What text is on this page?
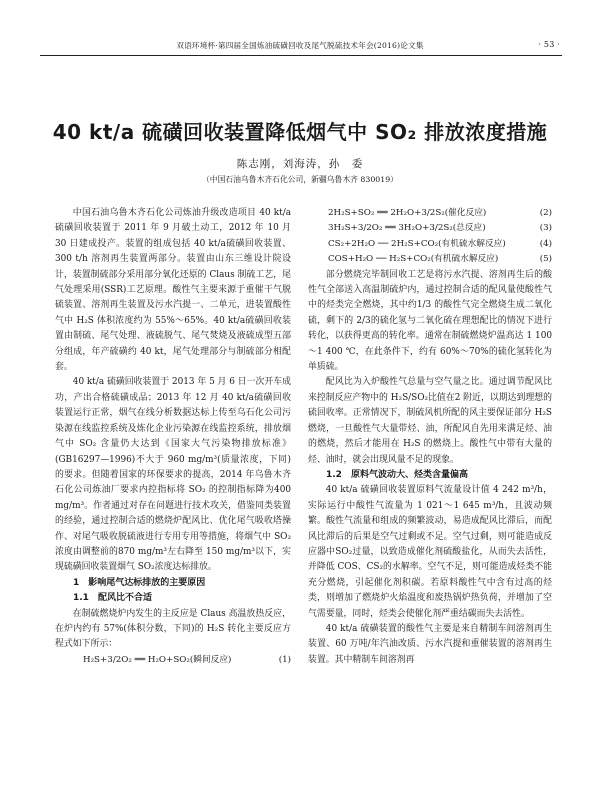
双语环境杯·第四届全国炼油硫磺回收及尾气脱硫技术年会(2016)论文集	· 53 ·
40 kt/a 硫磺回收装置降低烟气中 SO₂ 排放浓度措施
陈志刚，刘海涛，孙　委
（中国石油乌鲁木齐石化公司，新疆乌鲁木齐 830019）

中国石油乌鲁木齐石化公司炼油升级改造项目 40 kt/a 硫磺回收装置于 2011 年 9 月破土动工，2012 年 10 月 30 日建成投产。装置的组成包括 40 kt/a硫磺回收装置、300 t/h 溶剂再生装置两部分。装置由山东三维设计院设计，装置制硫部分采用部分氧化还原的 Claus 制硫工艺，尾气处理采用(SSR)工艺原理。酸性气主要来源于重催干气脱硫装置、溶剂再生装置及污水汽提一、二单元，进装置酸性气中 H₂S 体积浓度约为 55%～65%。40 kt/a硫磺回收装置由制硫、尾气处理、液硫脱气、尾气焚烧及液硫成型五部分组成，年产硫磺约 40 kt，尾气处理部分与制硫部分相配套。

40 kt/a 硫磺回收装置于 2013 年 5 月 6 日一次开车成功，产出合格硫磺成品；2013 年 12 月 40 kt/a硫磺回收装置运行正常，烟气在线分析数据达标上传至乌石化公司污染源在线监控系统及炼化企业污染源在线监控系统，排放烟气中 SO₂ 含量仍大达到《国家大气污染物排放标准》(GB16297—1996)不大于 960 mg/m³(质量浓度，下同)的要求。但随着国家的环保要求的提高，2014 年乌鲁木齐石化公司炼油厂要求内控指标将 SO₂ 的控制指标降为400 mg/m³。作者通过对存在问题进行技术攻关，借鉴同类装置的经验，通过控制合适的燃烧炉配风比、优化尾气吸收塔操作、对尾气吸收脱硫液进行专用专用等措施，将烟气中 SO₂ 浓度由调整前的870 mg/m³左右降至 150 mg/m³以下，实现硫磺回收装置烟气 SO₂浓度达标排放。

1　影响尾气达标排放的主要原因

1.1　配风比不合适

在制硫燃烧炉内发生的主反应是 Claus 高温放热反应，在炉内约有 57%(体积分数，下同)的 H₂S 转化主要反应方程式如下所示：

H₂S+3/2O₂ ══ H₂O+SO₂(瞬间反应)	(1)
2H₂S+SO₂ ══ 2H₂O+3/2S₂(催化反应)	(2)
3H₂S+3/2O₂ ══ 3H₂O+3/2S₂(总反应)	(3)
CS₂+2H₂O ── 2H₂S+CO₂(有机硫水解反应)	(4)
COS+H₂O ── H₂S+CO₂(有机硫水解反应)	(5)

部分燃烧完毕制回收工艺是将污水汽提、溶剂再生后的酸性气全部送入高温制硫炉内，通过控制合适的配风量使酸性气中的烃类完全燃烧，其中约1/3 的酸性气完全燃烧生成二氧化硫，剩下的 2/3的硫化氢与二氧化硫在理想配比的情况下进行转化，以获得更高的转化率。通常在制硫燃烧炉温高达 1 100～1 400 ℃，在此条件下，约有 60%～70%的硫化氢转化为单质硫。

配风比为入炉酸性气总量与空气量之比。通过调节配风比来控制反应产物中的 H₂S/SO₂比值在2 附近，以期达到理想的硫回收率。正常情况下，制硫风机所配的风主要保证部分 H₂S 燃烧，一旦酸性气大量带烃、油，所配风自先用来满足烃、油的燃烧，然后才能用在 H₂S 的燃烧上。酸性气中带有大量的烃、油时，就会出现风量不足的现象。

1.2　原料气波动大、烃类含量偏高

40 kt/a 硫磺回收装置原料气流量设计值 4 242 m³/h，实际运行中酸性气流量为 1 021～1 645 m³/h，且波动频繁。酸性气流量和组成的频繁波动，易造成配风比滞后，而配风比滞后的后果是空气过剩或不足。空气过剩，则可能造成反应器中SO₂过量，以致造成催化剂硫酸盐化，从而失去活性，并降低 COS、CS₂的水解率。空气不足，则可能造成烃类不能充分燃烧，引起催化剂积碳。若原料酸性气中含有过高的烃类，则增加了燃烧炉火焰温度和废热锅炉热负荷，并增加了空气需要量，同时，烃类会使催化剂严重结碳而失去活性。

40 kt/a 硫磺装置的酸性气主要是来自精制车间溶剂再生装置、60 万吨/年汽油改质、污水汽提和重催装置的溶剂再生装置。其中精制车间溶剂再
